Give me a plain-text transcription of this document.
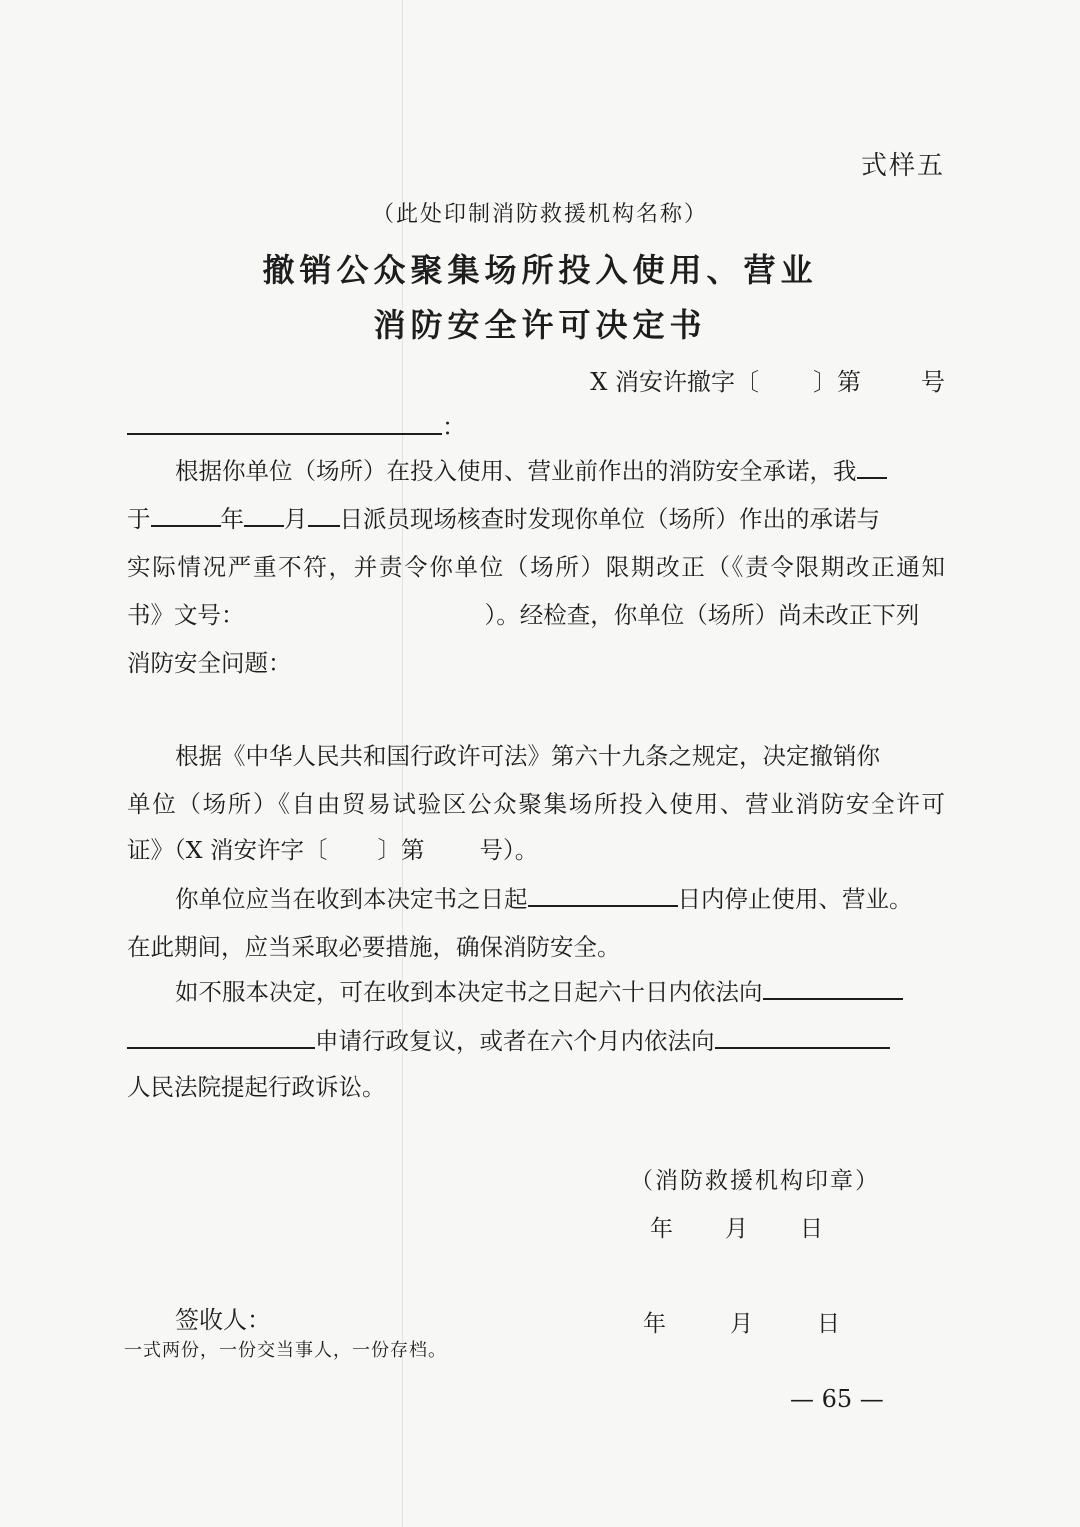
式样五
（此处印制消防救援机构名称）
撤销公众聚集场所投入使用、营业
消防安全许可决定书
X 消安许撤字〔 〕第	号
：
根据你单位（场所）在投入使用、营业前作出的消防安全承诺，我
于	年 月 日派员现场核查时发现你单位（场所）作出的承诺与
实际情况严重不符，并责令你单位（场所）限期改正（《责令限期改正通知
书》文号：	）。经检查，你单位（场所）尚未改正下列
消防安全问题：
根据《中华人民共和国行政许可法》第六十九条之规定，决定撤销你
单位（场所）《自由贸易试验区公众聚集场所投入使用、营业消防安全许可
证》（X 消安许字〔 〕第 号）。
你单位应当在收到本决定书之日起	日内停止使用、营业。
在此期间，应当采取必要措施，确保消防安全。
如不服本决定，可在收到本决定书之日起六十日内依法向
申请行政复议，或者在六个月内依法向
人民法院提起行政诉讼。
（消防救援机构印章）
年 月 日
签收人：	年	月	日
一式两份，一份交当事人，一份存档。
— 65 —
